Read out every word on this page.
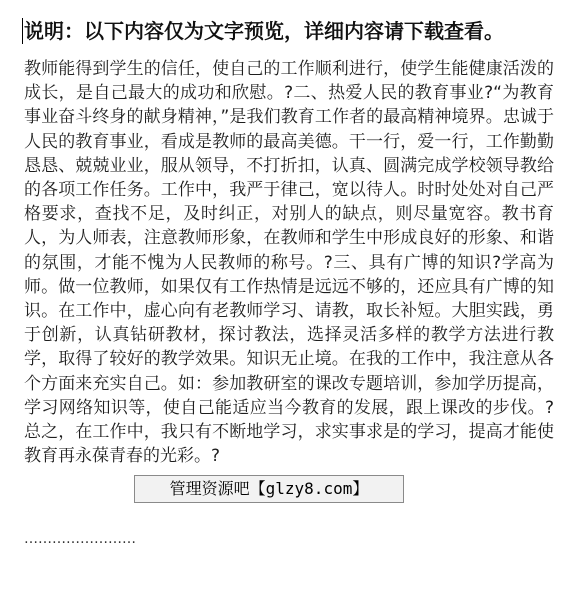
说明：以下内容仅为文字预览，详细内容请下载查看。

教师能得到学生的信任，使自己的工作顺利进行，使学生能健康活泼的成长，是自己最大的成功和欣慰。?二、热爱人民的教育事业?“为教育事业奋斗终身的献身精神，”是我们教育工作者的最高精神境界。忠诚于人民的教育事业，看成是教师的最高美德。干一行，爱一行，工作勤勤恳恳、兢兢业业，服从领导，不打折扣，认真、圆满完成学校领导教给的各项工作任务。工作中，我严于律己，宽以待人。时时处处对自己严格要求，查找不足，及时纠正，对别人的缺点，则尽量宽容。教书育人，为人师表，注意教师形象，在教师和学生中形成良好的形象、和谐的氛围，才能不愧为人民教师的称号。?三、具有广博的知识?学高为师。做一位教师，如果仅有工作热情是远远不够的，还应具有广博的知识。在工作中，虚心向有老教师学习、请教，取长补短。大胆实践，勇于创新，认真钻研教材，探讨教法，选择灵活多样的教学方法进行教学，取得了较好的教学效果。知识无止境。在我的工作中，我注意从各个方面来充实自己。如：参加教研室的课改专题培训，参加学历提高，学习网络知识等，使自己能适应当今教育的发展，跟上课改的步伐。?总之，在工作中，我只有不断地学习，求实事求是的学习，提高才能使教育再永葆青春的光彩。?

管理资源吧【glzy8.com】
……………………
